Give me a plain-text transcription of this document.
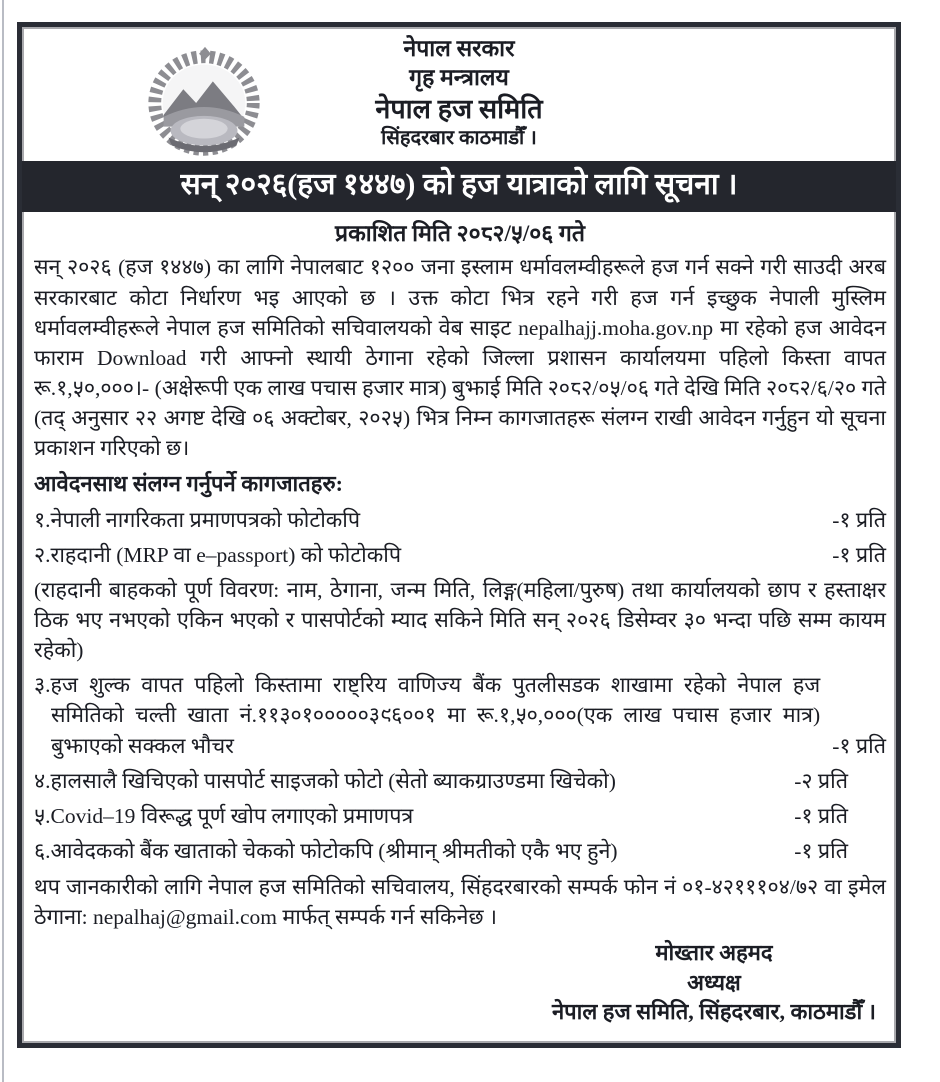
नेपाल सरकार

गृह मन्त्रालय

नेपाल हज समिति

सिंहदरबार काठमाडौँ ।

सन् २०२६(हज १४४७) को हज यात्राको लागि सूचना ।

प्रकाशित मिति २०८२/५/०६ गते

सन् २०२६ (हज १४४७) का लागि नेपालबाट १२०० जना इस्लाम धर्मावलम्वीहरूले हज गर्न सक्ने गरी साउदी अरब सरकारबाट कोटा निर्धारण भइ आएको छ । उक्त कोटा भित्र रहने गरी हज गर्न इच्छुक नेपाली मुस्लिम धर्मावलम्वीहरूले नेपाल हज समितिको सचिवालयको वेब साइट nepalhajj.moha.gov.np मा रहेको हज आवेदन फाराम Download गरी आफ्नो स्थायी ठेगाना रहेको जिल्ला प्रशासन कार्यालयमा पहिलो किस्ता वापत रू.१,५०,०००।- (अक्षेरूपी एक लाख पचास हजार मात्र) बुझाई मिति २०८२/०५/०६ गते देखि मिति २०८२/६/२० गते (तद् अनुसार २२ अगष्ट देखि ०६ अक्टोबर, २०२५) भित्र निम्न कागजातहरू संलग्न राखी आवेदन गर्नुहुन यो सूचना प्रकाशन गरिएको छ।

आवेदनसाथ संलग्न गर्नुपर्ने कागजातहरु:

१.नेपाली नागरिकता प्रमाणपत्रको फोटोकपि	-१ प्रति
२.राहदानी (MRP वा e–passport) को फोटोकपि	-१ प्रति

(राहदानी बाहकको पूर्ण विवरण: नाम, ठेगाना, जन्म मिति, लिङ्ग(महिला/पुरुष) तथा कार्यालयको छाप र हस्ताक्षर ठिक भए नभएको एकिन भएको र पासपोर्टको म्याद सकिने मिति सन् २०२६ डिसेम्वर ३० भन्दा पछि सम्म कायम रहेको)

३.हज शुल्क वापत पहिलो किस्तामा राष्ट्रिय वाणिज्य बैंक पुतलीसडक शाखामा रहेको नेपाल हज समितिको चल्ती खाता नं.११३०१०००००३९६००१ मा रू.१,५०,०००(एक लाख पचास हजार मात्र) बुझाएको सक्कल भौचर	-१ प्रति
४.हालसालै खिचिएको पासपोर्ट साइजको फोटो (सेतो ब्याकग्राउण्डमा खिचेको)	-२ प्रति
५.Covid–19 विरूद्ध पूर्ण खोप लगाएको प्रमाणपत्र	-१ प्रति
६.आवेदकको बैंक खाताको चेकको फोटोकपि (श्रीमान् श्रीमतीको एकै भए हुने)	-१ प्रति

थप जानकारीको लागि नेपाल हज समितिको सचिवालय, सिंहदरबारको सम्पर्क फोन नं ०१-४२१११०४/७२ वा इमेल ठेगाना: nepalhaj@gmail.com मार्फत् सम्पर्क गर्न सकिनेछ ।

मोख्तार अहमद

अध्यक्ष

नेपाल हज समिति, सिंहदरबार, काठमाडौँ ।
